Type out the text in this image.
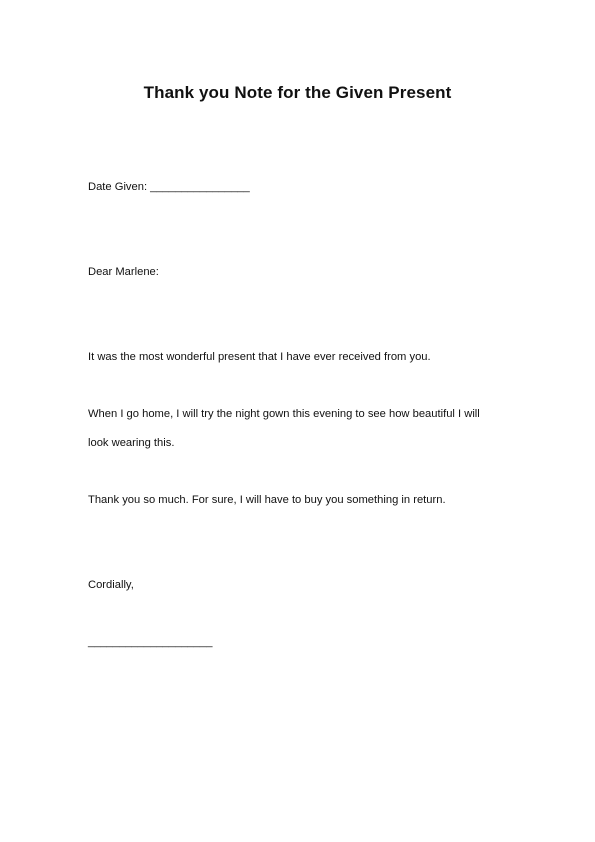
Thank you Note for the Given Present
Date Given: ________________
Dear Marlene:
It was the most wonderful present that I have ever received from you.
When I go home, I will try the night gown this evening to see how beautiful I will
look wearing this.
Thank you so much. For sure, I will have to buy you something in return.
Cordially,
____________________
